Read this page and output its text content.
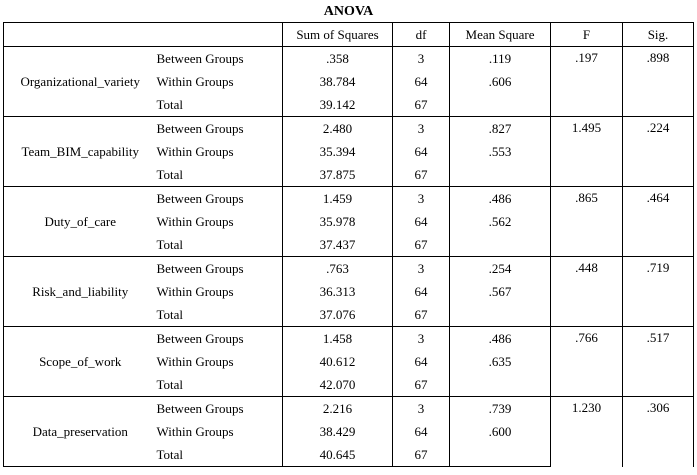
ANOVA
		Sum of Squares	df	Mean Square	F	Sig.
Organizational_variety	Between Groups	.358	3	.119	.197	.898
	Within Groups	38.784	64	.606		
	Total	39.142	67			
Team_BIM_capability	Between Groups	2.480	3	.827	1.495	.224
	Within Groups	35.394	64	.553		
	Total	37.875	67			
Duty_of_care	Between Groups	1.459	3	.486	.865	.464
	Within Groups	35.978	64	.562		
	Total	37.437	67			
Risk_and_liability	Between Groups	.763	3	.254	.448	.719
	Within Groups	36.313	64	.567		
	Total	37.076	67			
Scope_of_work	Between Groups	1.458	3	.486	.766	.517
	Within Groups	40.612	64	.635		
	Total	42.070	67			
Data_preservation	Between Groups	2.216	3	.739	1.230	.306
	Within Groups	38.429	64	.600		
	Total	40.645	67			
